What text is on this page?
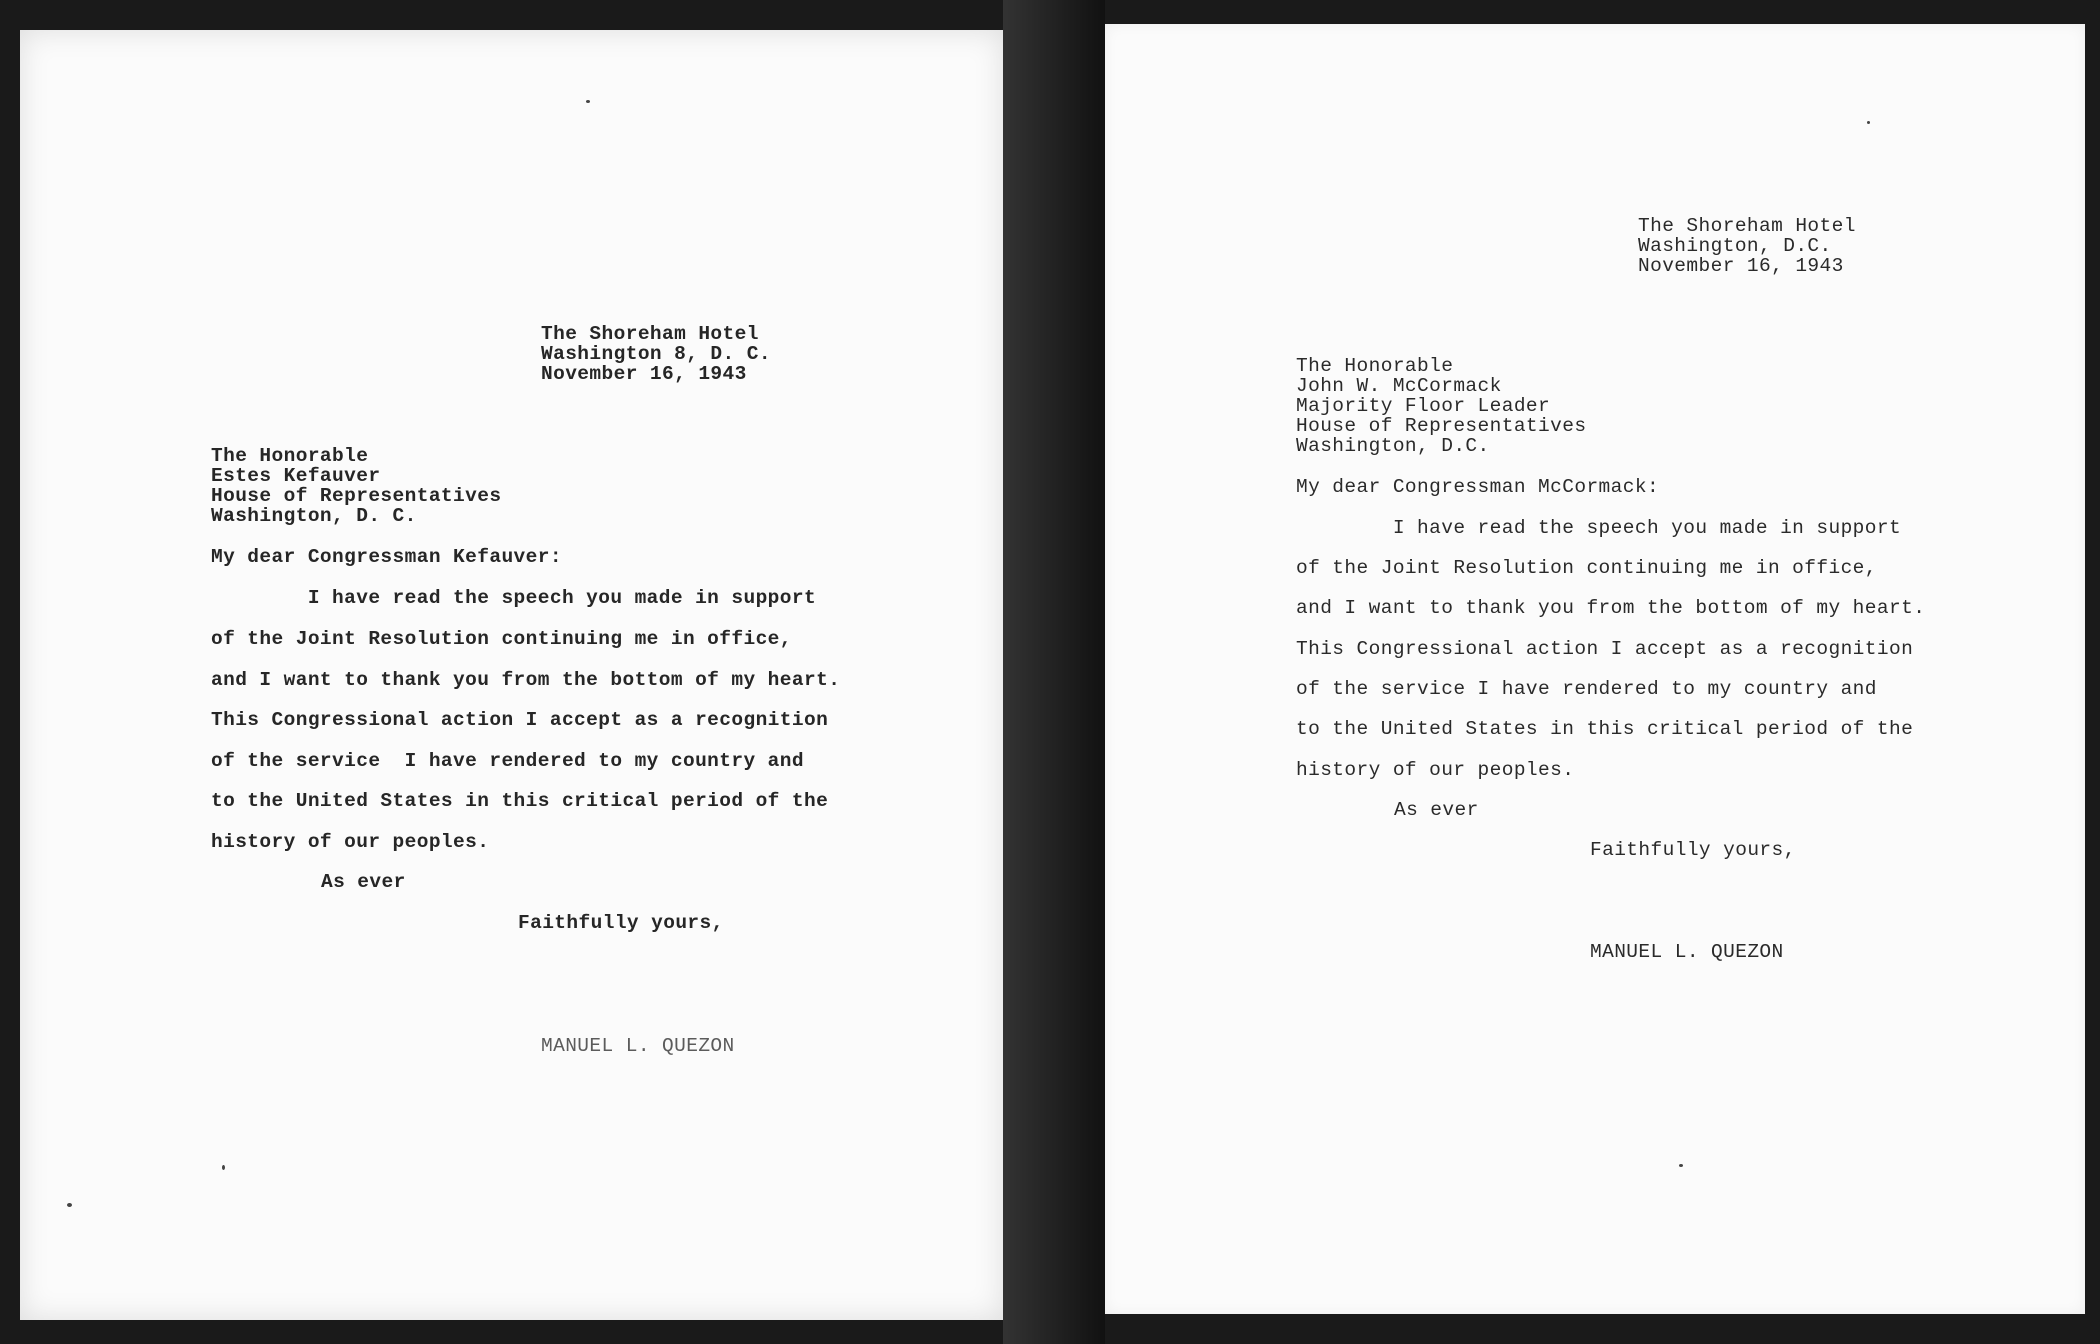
The Shoreham Hotel
Washington 8, D. C.
November 16, 1943
The Honorable
Estes Kefauver
House of Representatives
Washington, D. C.
My dear Congressman Kefauver:
I have read the speech you made in support
of the Joint Resolution continuing me in office,
and I want to thank you from the bottom of my heart.
This Congressional action I accept as a recognition
of the service  I have rendered to my country and
to the United States in this critical period of the
history of our peoples.
As ever
Faithfully yours,
MANUEL L. QUEZON
The Shoreham Hotel
Washington, D.C.
November 16, 1943
The Honorable
John W. McCormack
Majority Floor Leader
House of Representatives
Washington, D.C.
My dear Congressman McCormack:
I have read the speech you made in support
of the Joint Resolution continuing me in office,
and I want to thank you from the bottom of my heart.
This Congressional action I accept as a recognition
of the service I have rendered to my country and
to the United States in this critical period of the
history of our peoples.
As ever
Faithfully yours,
MANUEL L. QUEZON
